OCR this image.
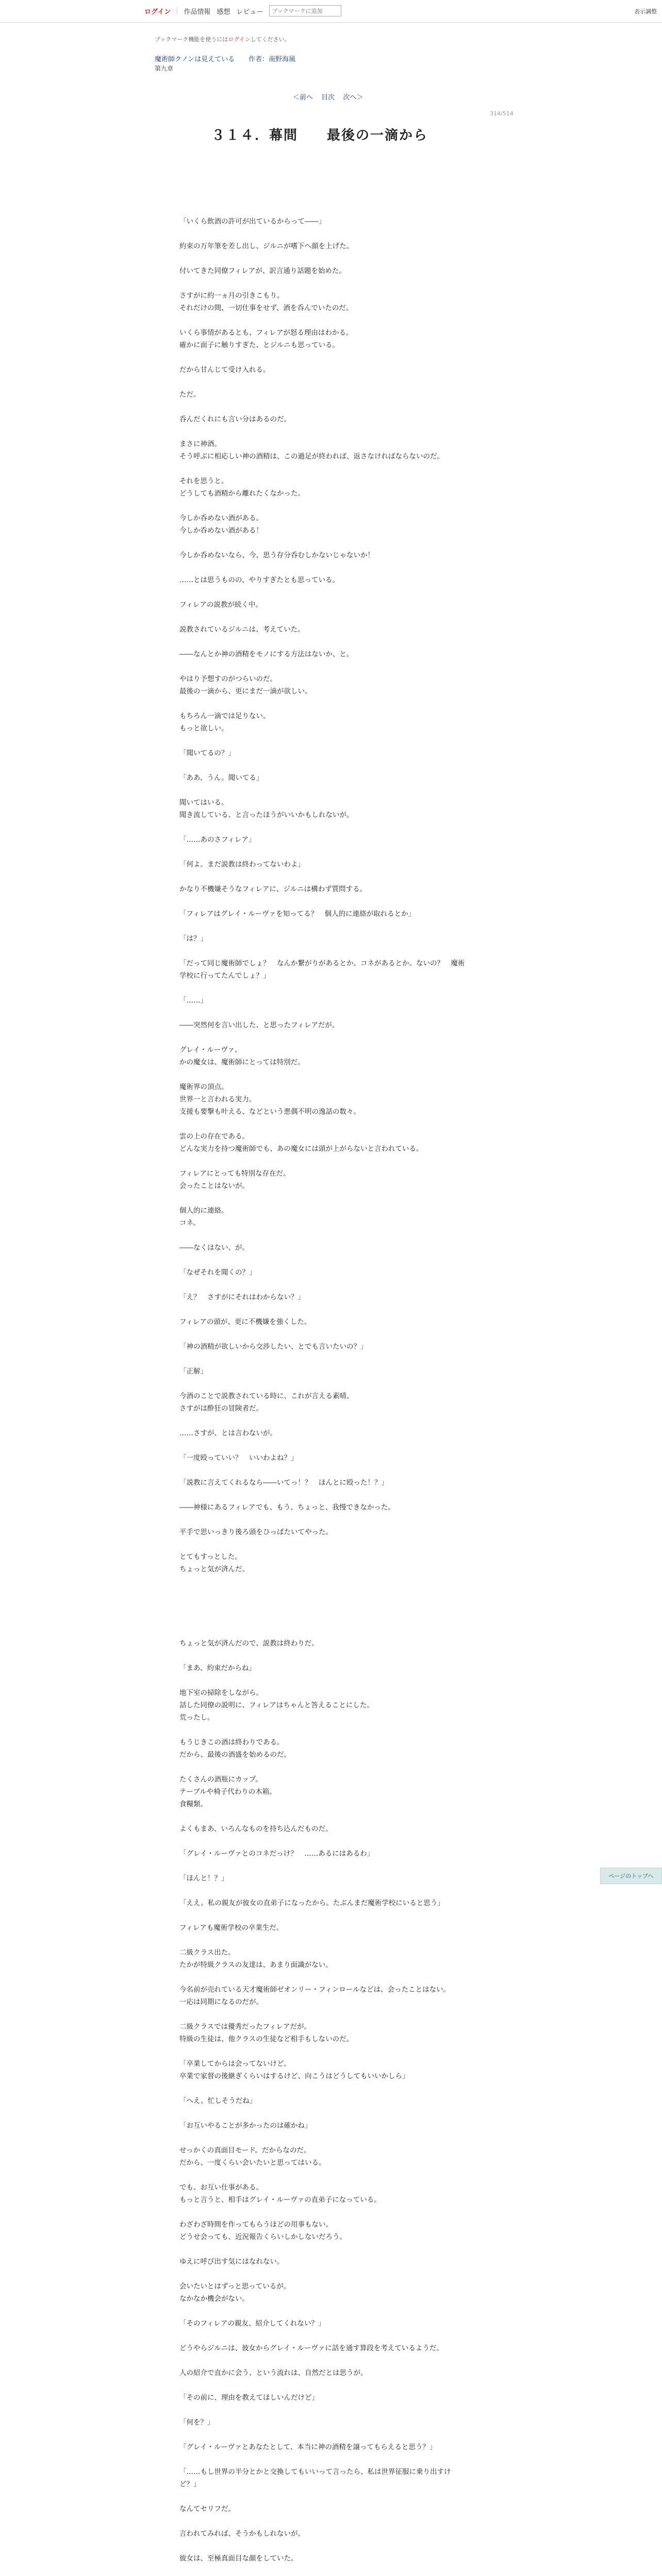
ログイン 作品情報 感想 レビュー
ブックマークに追加	表示調整
ブックマーク機能を使うにはログインしてください。
魔術師クノンは見えている 作者：南野海風
第九章
＜前へ 目次 次へ＞
314/514
３１４．幕間　　最後の一滴から

「いくら飲酒の許可が出ているからって――」

約束の万年筆を差し出し、ジルニが嗜下へ顔を上げた。

付いてきた同僚フィレアが、訳言通り話題を始めた。

さすがに約一ヵ月の引きこもり。

それだけの間、一切仕事をせず、酒を呑んでいたのだ。

いくら事情があるとも、フィレアが怒る理由はわかる。

確かに面子に触りすぎた、とジルニも思っている。

だから甘んじて受け入れる。

ただ。

呑んだくれにも言い分はあるのだ。

まさに神酒。

そう呼ぶに相応しい神の酒精は、この過足が終われば、返さなければならないのだ。

それを思うと。

どうしても酒精から離れたくなかった。

今しか呑めない酒がある。

今しか呑めない酒がある！

今しか呑めないなら、今、思う存分呑むしかないじゃないか！

……とは思うものの、やりすぎたとも思っている。

フィレアの説教が続く中。

説教されているジルニは、考えていた。

――なんとか神の酒精をモノにする方法はないか、と。

やはり予想すのがつらいのだ。

最後の一滴から、更にまだ一滴が欲しい。

もちろん一滴では足りない。

もっと欲しい。

「聞いてるの？」

「ああ、うん。聞いてる」

聞いてはいる。

聞き流している、と言ったほうがいいかもしれないが。

「……あのさフィレア」

「何よ。まだ説教は終わってないわよ」

かなり不機嫌そうなフィレアに、ジルニは構わず質問する。

「フィレアはグレイ・ルーヴァを知ってる？　個人的に連絡が取れるとか」

「は？」

「だって同じ魔術師でしょ？　なんか繋がりがあるとか、コネがあるとか。ないの？　魔術学校に行ってたんでしょ？」

「……」

――突然何を言い出した、と思ったフィレアだが。

グレイ・ルーヴァ。

かの魔女は、魔術師にとっては特別だ。

魔術界の頂点。

世界一と言われる実力。

支援も要撃も叶える、などという悪偶不明の逸話の数々。

雲の上の存在である。

どんな実力を持つ魔術師でも、あの魔女には頭が上がらないと言われている。

フィレアにとっても特別な存在だ。

会ったことはないが。

個人的に連絡。

コネ。

――なくはない、が。

「なぜそれを聞くの？」

「え？　さすがにそれはわからない？」

フィレアの頭が、更に不機嫌を強くした。

「神の酒精が欲しいから交渉したい、とでも言いたいの？」

「正解」

今酒のことで説教されている時に、これが言える素晴。

さすがは酔狂の冒険者だ。

……さすが、とは言わないが。

「一度殴っていい？　いいわよね？」

「説教に言えてくれるなら――いてっ！？　ほんとに殴った！？」

――神様にあるフィレアでも、もう、ちょっと、我慢できなかった。

平手で思いっきり後ろ頭をひっぱたいてやった。

とてもすっとした。

ちょっと気が済んだ。

ちょっと気が済んだので、説教は終わりだ。

「まあ、約束だからね」

地下室の掃除をしながら。

話した同僚の説明に、フィレアはちゃんと答えることにした。

荒ったし。

もうじきこの酒は終わりである。

だから、最後の酒盛を始めるのだ。

たくさんの酒瓶にカップ。

テーブルや椅子代わりの木箱。

食糧類。

よくもまあ、いろんなものを持ち込んだものだ。

「グレイ・ルーヴァとのコネだっけ？　……あるにはあるわ」

「ほんと！？」

「ええ。私の親友が彼女の直弟子になったから。たぶんまだ魔術学校にいると思う」

フィレアも魔術学校の卒業生だ。

二級クラス出た。

たかが特級クラスの友達は、あまり面識がない。

今名前が売れている天才魔術師ゼオンリー・フィンロールなどは、会ったことはない。

一応は同期になるのだが。

二級クラスでは優秀だったフィレアだが。

特級の生徒は、他クラスの生徒など相手もしないのだ。

「卒業してからは会ってないけど。

卒業で家督の後継ぎくらいはするけど、向こうはどうしてもいいかしら」

「へえ。忙しそうだね」

「お互いやることが多かったのは確かね」

せっかくの真面目モード。だからなのだ。

だから、一度くらい会いたいと思ってはいる。

でも、お互い仕事がある。

もっと言うと、相手はグレイ・ルーヴァの直弟子になっている。

わざわざ時間を作ってもらうほどの用事もない。

どうせ会っても、近況報告くらいしかしないだろう。

ゆえに呼び出す気にはなれない。

会いたいとはずっと思っているが。

なかなか機会がない。

「そのフィレアの親友、紹介してくれない？」

どうやらジルニは、彼女からグレイ・ルーヴァに話を通す算段を考えているようだ。

人の紹介で直かに会う、という流れは、自然だとは思うが。

「その前に、理由を教えてほしいんだけど」

「何を？」

「グレイ・ルーヴァとあなたとして、本当に神の酒精を譲ってもらえると思う？」

「……もし世界の半分とかと交換してもいいって言ったら、私は世界征服に乗り出すけど？」

なんてセリフだ。

言われてみれば、そうかもしれないが。

彼女は、至極真面目な顔をしていた。

ページのトップへ
